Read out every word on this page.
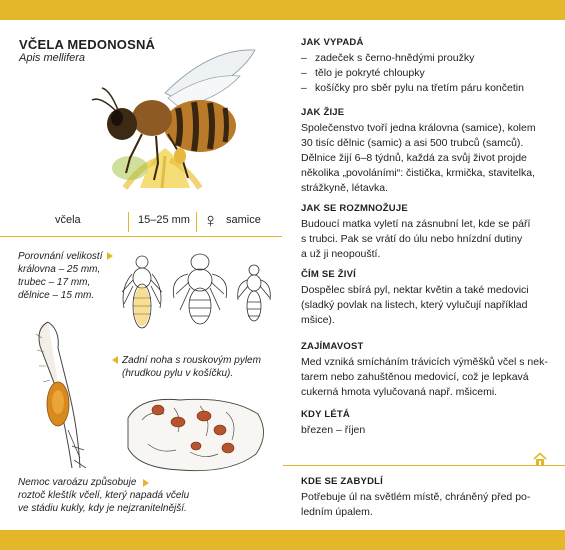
VČELA MEDONOSNÁ
Apis mellifera
včela	15–25 mm ♀ samice
Porovnání velikostí
královna – 25 mm,
trubec – 17 mm,
dělnice – 15 mm.
Zadní noha s rouskovým pylem
(hrudkou pylu v košíčku).
Nemoc varoázu způsobuje
roztoč kleštík včelí, který napadá včelu
ve stádiu kukly, kdy je nejzranitelnější.
JAK VYPADÁ
– zadeček s černo-hnědými proužky
– tělo je pokryté chloupky
– košíčky pro sběr pylu na třetím páru končetin
JAK ŽIJE
Společenstvo tvoří jedna královna (samice), kolem
30 tisíc dělnic (samic) a asi 500 trubců (samců).
Dělnice žijí 6–8 týdnů, každá za svůj život projde
několika „povoláními“: čistička, krmička, stavitelka,
strážkyně, létavka.
JAK SE ROZMNOŽUJE
Budoucí matka vyletí na zásnubní let, kde se páří
s trubci. Pak se vrátí do úlu nebo hnízdní dutiny
a už ji neopouští.
ČÍM SE ŽIVÍ
Dospělec sbírá pyl, nektar květin a také medovici
(sladký povlak na listech, který vylučují například
mšice).
ZAJÍMAVOST
Med vzniká smícháním trávicích výměšků včel s nek-
tarem nebo zahuštěnou medovicí, což je lepkavá
cukerná hmota vylučovaná např. mšicemi.
KDY LÉTÁ
březen – říjen
KDE SE ZABYDLÍ
Potřebuje úl na světlém místě, chráněný před po-
ledním úpalem.
